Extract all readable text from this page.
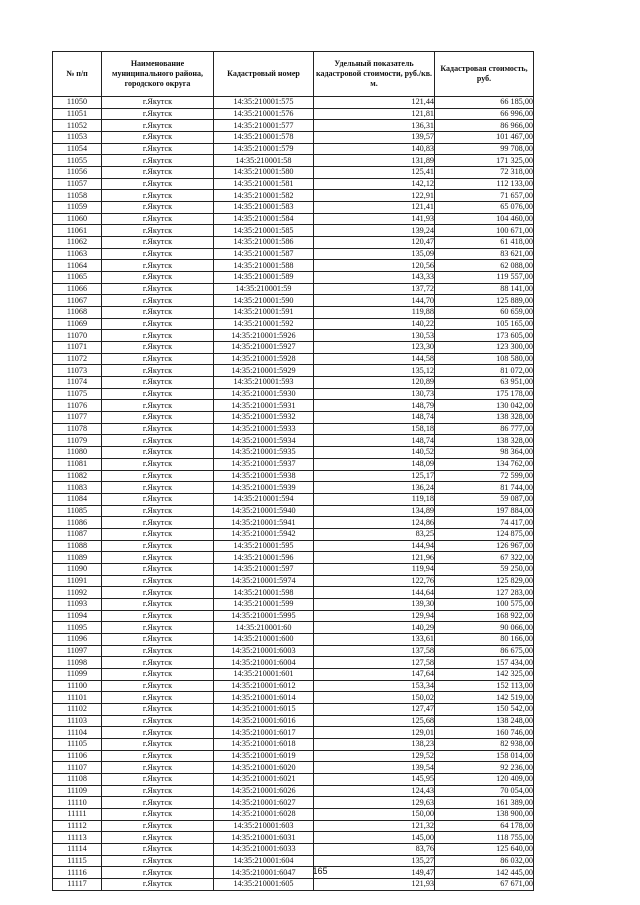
№ п/п	Наименование муниципального района, городского округа	Кадастровый номер	Удельный показатель кадастровой стоимости, руб./кв. м.	Кадастровая стоимость, руб.
11050	г.Якутск	14:35:210001:575	121,44	66 185,00
11051	г.Якутск	14:35:210001:576	121,81	66 996,00
11052	г.Якутск	14:35:210001:577	136,31	86 966,00
11053	г.Якутск	14:35:210001:578	139,57	101 467,00
11054	г.Якутск	14:35:210001:579	140,83	99 708,00
11055	г.Якутск	14:35:210001:58	131,89	171 325,00
11056	г.Якутск	14:35:210001:580	125,41	72 318,00
11057	г.Якутск	14:35:210001:581	142,12	112 133,00
11058	г.Якутск	14:35:210001:582	122,91	71 657,00
11059	г.Якутск	14:35:210001:583	121,41	65 076,00
11060	г.Якутск	14:35:210001:584	141,93	104 460,00
11061	г.Якутск	14:35:210001:585	139,24	100 671,00
11062	г.Якутск	14:35:210001:586	120,47	61 418,00
11063	г.Якутск	14:35:210001:587	135,09	83 621,00
11064	г.Якутск	14:35:210001:588	120,56	62 088,00
11065	г.Якутск	14:35:210001:589	143,33	119 557,00
11066	г.Якутск	14:35:210001:59	137,72	88 141,00
11067	г.Якутск	14:35:210001:590	144,70	125 889,00
11068	г.Якутск	14:35:210001:591	119,88	60 659,00
11069	г.Якутск	14:35:210001:592	140,22	105 165,00
11070	г.Якутск	14:35:210001:5926	130,53	173 605,00
11071	г.Якутск	14:35:210001:5927	123,30	123 300,00
11072	г.Якутск	14:35:210001:5928	144,58	108 580,00
11073	г.Якутск	14:35:210001:5929	135,12	81 072,00
11074	г.Якутск	14:35:210001:593	120,89	63 951,00
11075	г.Якутск	14:35:210001:5930	130,73	175 178,00
11076	г.Якутск	14:35:210001:5931	148,79	130 042,00
11077	г.Якутск	14:35:210001:5932	148,74	138 328,00
11078	г.Якутск	14:35:210001:5933	158,18	86 777,00
11079	г.Якутск	14:35:210001:5934	148,74	138 328,00
11080	г.Якутск	14:35:210001:5935	140,52	98 364,00
11081	г.Якутск	14:35:210001:5937	148,09	134 762,00
11082	г.Якутск	14:35:210001:5938	125,17	72 599,00
11083	г.Якутск	14:35:210001:5939	136,24	81 744,00
11084	г.Якутск	14:35:210001:594	119,18	59 087,00
11085	г.Якутск	14:35:210001:5940	134,89	197 884,00
11086	г.Якутск	14:35:210001:5941	124,86	74 417,00
11087	г.Якутск	14:35:210001:5942	83,25	124 875,00
11088	г.Якутск	14:35:210001:595	144,94	126 967,00
11089	г.Якутск	14:35:210001:596	121,96	67 322,00
11090	г.Якутск	14:35:210001:597	119,94	59 250,00
11091	г.Якутск	14:35:210001:5974	122,76	125 829,00
11092	г.Якутск	14:35:210001:598	144,64	127 283,00
11093	г.Якутск	14:35:210001:599	139,30	100 575,00
11094	г.Якутск	14:35:210001:5995	129,94	168 922,00
11095	г.Якутск	14:35:210001:60	140,29	90 066,00
11096	г.Якутск	14:35:210001:600	133,61	80 166,00
11097	г.Якутск	14:35:210001:6003	137,58	86 675,00
11098	г.Якутск	14:35:210001:6004	127,58	157 434,00
11099	г.Якутск	14:35:210001:601	147,64	142 325,00
11100	г.Якутск	14:35:210001:6012	153,34	152 113,00
11101	г.Якутск	14:35:210001:6014	150,02	142 519,00
11102	г.Якутск	14:35:210001:6015	127,47	150 542,00
11103	г.Якутск	14:35:210001:6016	125,68	138 248,00
11104	г.Якутск	14:35:210001:6017	129,01	160 746,00
11105	г.Якутск	14:35:210001:6018	138,23	82 938,00
11106	г.Якутск	14:35:210001:6019	129,52	158 014,00
11107	г.Якутск	14:35:210001:6020	139,54	92 236,00
11108	г.Якутск	14:35:210001:6021	145,95	120 409,00
11109	г.Якутск	14:35:210001:6026	124,43	70 054,00
11110	г.Якутск	14:35:210001:6027	129,63	161 389,00
11111	г.Якутск	14:35:210001:6028	150,00	138 900,00
11112	г.Якутск	14:35:210001:603	121,32	64 178,00
11113	г.Якутск	14:35:210001:6031	145,00	118 755,00
11114	г.Якутск	14:35:210001:6033	83,76	125 640,00
11115	г.Якутск	14:35:210001:604	135,27	86 032,00
11116	г.Якутск	14:35:210001:6047	149,47	142 445,00
11117	г.Якутск	14:35:210001:605	121,93	67 671,00
165
